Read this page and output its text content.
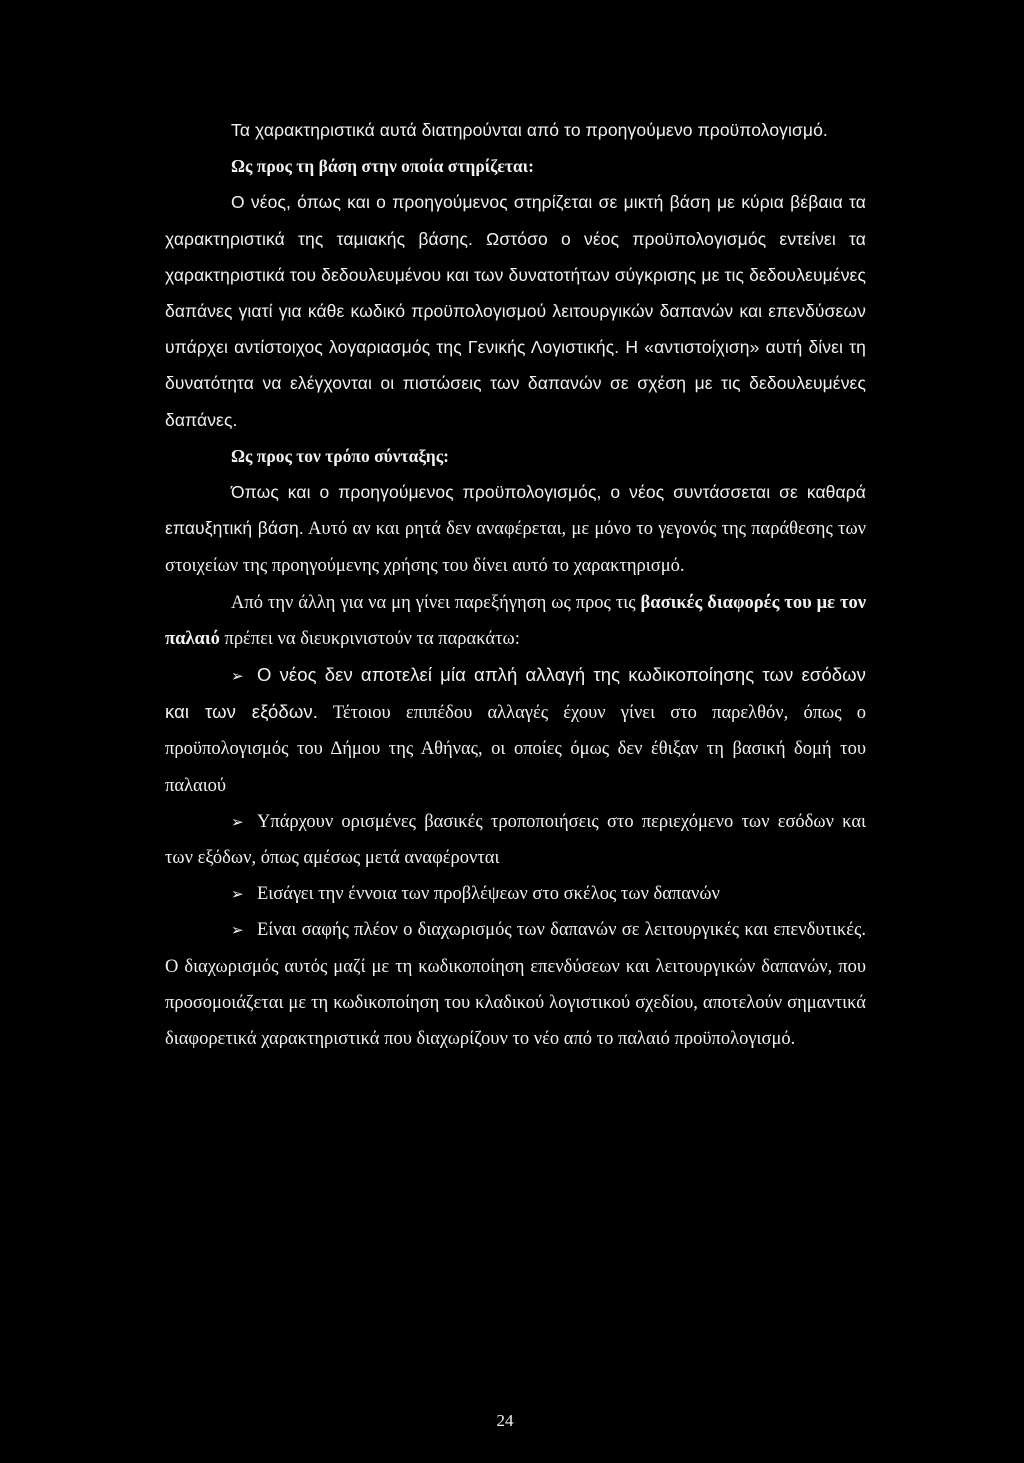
Τα χαρακτηριστικά αυτά διατηρούνται από το προηγούμενο προϋπολογισμό.

Ως προς τη βάση στην οποία στηρίζεται:

Ο νέος, όπως και ο προηγούμενος στηρίζεται σε μικτή βάση με κύρια βέβαια τα χαρακτηριστικά της ταμιακής βάσης. Ωστόσο ο νέος προϋπολογισμός εντείνει τα χαρακτηριστικά του δεδουλευμένου και των δυνατοτήτων σύγκρισης με τις δεδουλευμένες δαπάνες γιατί για κάθε κωδικό προϋπολογισμού λειτουργικών δαπανών και επενδύσεων υπάρχει αντίστοιχος λογαριασμός της Γενικής Λογιστικής. Η «αντιστοίχιση» αυτή δίνει τη δυνατότητα να ελέγχονται οι πιστώσεις των δαπανών σε σχέση με τις δεδουλευμένες δαπάνες.

Ως προς τον τρόπο σύνταξης:

Όπως και ο προηγούμενος προϋπολογισμός, ο νέος συντάσσεται σε καθαρά επαυξητική βάση. Αυτό αν και ρητά δεν αναφέρεται, με μόνο το γεγονός της παράθεσης των στοιχείων της προηγούμενης χρήσης του δίνει αυτό το χαρακτηρισμό.

Από την άλλη για να μη γίνει παρεξήγηση ως προς τις βασικές διαφορές του με τον παλαιό πρέπει να διευκρινιστούν τα παρακάτω:

➢ Ο νέος δεν αποτελεί μία απλή αλλαγή της κωδικοποίησης των εσόδων και των εξόδων. Τέτοιου επιπέδου αλλαγές έχουν γίνει στο παρελθόν, όπως ο προϋπολογισμός του Δήμου της Αθήνας, οι οποίες όμως δεν έθιξαν τη βασική δομή του παλαιού

➢ Υπάρχουν ορισμένες βασικές τροποποιήσεις στο περιεχόμενο των εσόδων και των εξόδων, όπως αμέσως μετά αναφέρονται

➢ Εισάγει την έννοια των προβλέψεων στο σκέλος των δαπανών

➢ Είναι σαφής πλέον ο διαχωρισμός των δαπανών σε λειτουργικές και επενδυτικές. Ο διαχωρισμός αυτός μαζί με τη κωδικοποίηση επενδύσεων και λειτουργικών δαπανών, που προσομοιάζεται με τη κωδικοποίηση του κλαδικού λογιστικού σχεδίου, αποτελούν σημαντικά διαφορετικά χαρακτηριστικά που διαχωρίζουν το νέο από το παλαιό προϋπολογισμό.

24
